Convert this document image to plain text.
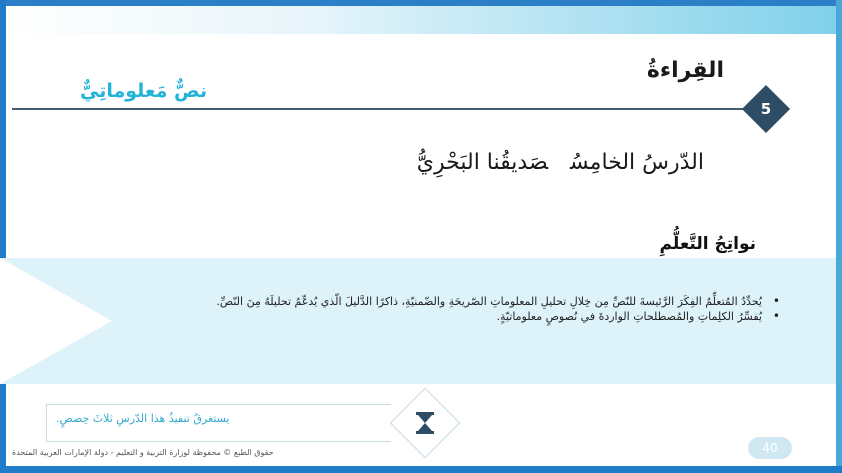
القِراءةُ
نصٌّ مَعلوماتِيٌّ
5
الدّرسُ الخامِسُصَديقُنا البَحْرِيُّ
نواتِجُ التَّعلُّمِ
• يُحدِّدُ المُتعلِّمُ الفِكَرَ الرَّئيسةَ للنّصِّ مِن خِلالِ تحليلِ المعلوماتِ الصّريحَةِ والضّمنيّةِ، ذاكرًا الدَّليلَ الّذي يُدعِّمُ تحليلَهُ مِنَ النّصِّ.
• يُفسِّرُ الكلِماتِ والمُصطلحاتِ الواردةَ في نُصوصٍ معلوماتيّةٍ.
يستغرقُ تنفيذُ هذا الدّرسِ ثلاثَ حِصصٍ.
حقوق الطبع © محفوظة لوزارة التربية و التعليم - دولة الإمارات العربية المتحدة	40
